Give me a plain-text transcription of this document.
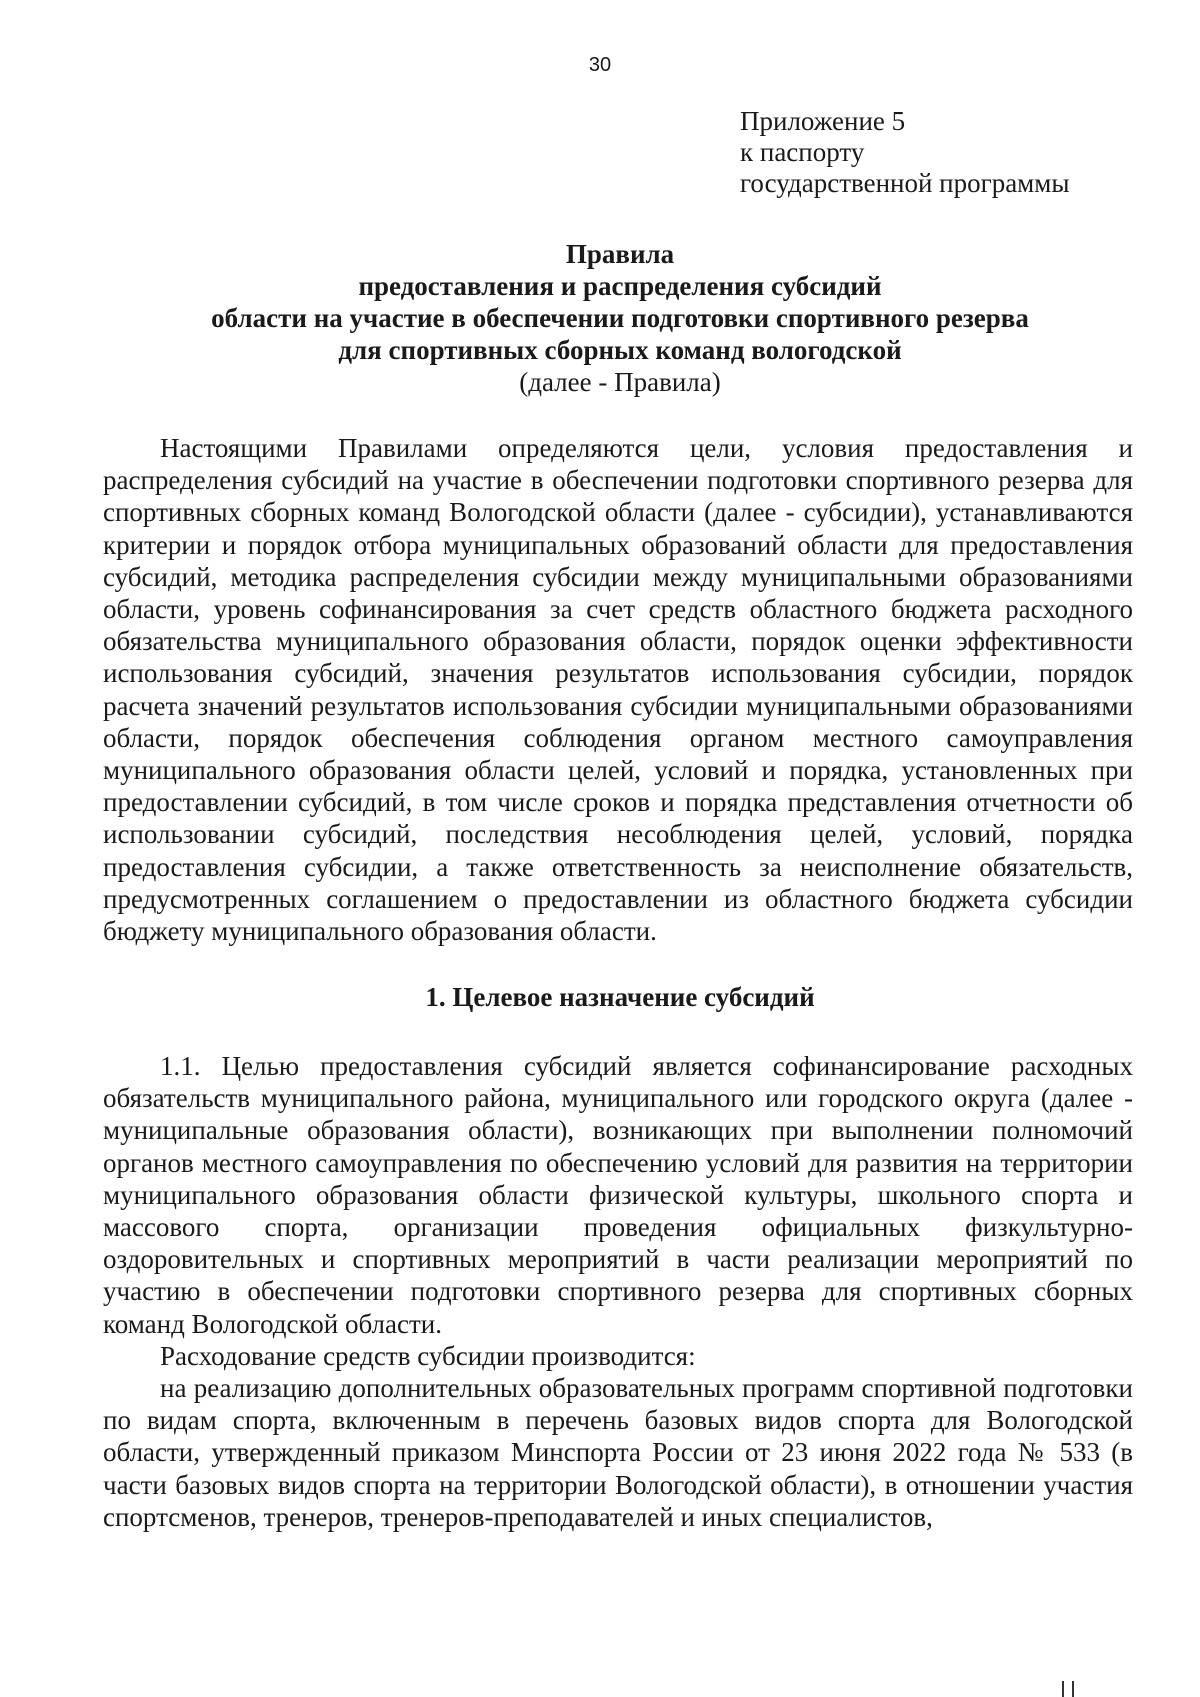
30
Приложение 5
к паспорту
государственной программы
Правила
предоставления и распределения субсидий
области на участие в обеспечении подготовки спортивного резерва
для спортивных сборных команд вологодской
(далее - Правила)

Настоящими Правилами определяются цели, условия предоставления и распределения субсидий на участие в обеспечении подготовки спортивного резерва для спортивных сборных команд Вологодской области (далее - субсидии), устанавливаются критерии и порядок отбора муниципальных образований области для предоставления субсидий, методика распределения субсидии между муниципальными образованиями области, уровень софинансирования за счет средств областного бюджета расходного обязательства муниципального образования области, порядок оценки эффективности использования субсидий, значения результатов использования субсидии, порядок расчета значений результатов использования субсидии муниципальными образованиями области, порядок обеспечения соблюдения органом местного самоуправления муниципального образования области целей, условий и порядка, установленных при предоставлении субсидий, в том числе сроков и порядка представления отчетности об использовании субсидий, последствия несоблюдения целей, условий, порядка предоставления субсидии, а также ответственность за неисполнение обязательств, предусмотренных соглашением о предоставлении из областного бюджета субсидии бюджету муниципального образования области.

1. Целевое назначение субсидий

1.1. Целью предоставления субсидий является софинансирование расходных обязательств муниципального района, муниципального или городского округа (далее - муниципальные образования области), возникающих при выполнении полномочий органов местного самоуправления по обеспечению условий для развития на территории муниципального образования области физической культуры, школьного спорта и массового спорта, организации проведения официальных физкультурно-оздоровительных и спортивных мероприятий в части реализации мероприятий по участию в обеспечении подготовки спортивного резерва для спортивных сборных команд Вологодской области.

Расходование средств субсидии производится:

на реализацию дополнительных образовательных программ спортивной подготовки по видам спорта, включенным в перечень базовых видов спорта для Вологодской области, утвержденный приказом Минспорта России от 23 июня 2022 года № 533 (в части базовых видов спорта на территории Вологодской области), в отношении участия спортсменов, тренеров, тренеров-преподавателей и иных специалистов,
